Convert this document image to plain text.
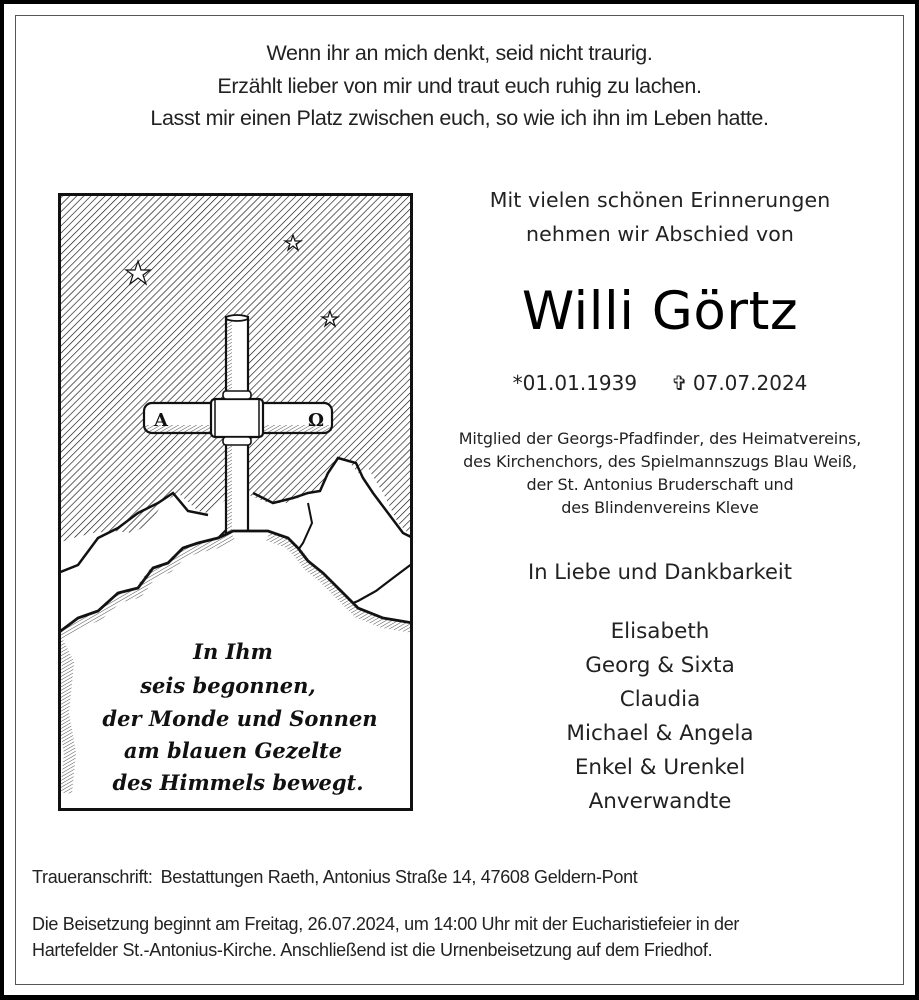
Wenn ihr an mich denkt, seid nicht traurig.
Erzählt lieber von mir und traut euch ruhig zu lachen.
Lasst mir einen Platz zwischen euch, so wie ich ihn im Leben hatte.
A	Ω
In Ihm
seis begonnen,
der Monde und Sonnen
am blauen Gezelte
des Himmels bewegt.
Mit vielen schönen Erinnerungen
nehmen wir Abschied von
Willi Görtz
*01.01.1939 ✞ 07.07.2024
Mitglied der Georgs-Pfadfinder, des Heimatvereins,
des Kirchenchors, des Spielmannszugs Blau Weiß,
der St. Antonius Bruderschaft und
des Blindenvereins Kleve
In Liebe und Dankbarkeit
Elisabeth
Georg & Sixta
Claudia
Michael & Angela
Enkel & Urenkel
Anverwandte
Traueranschrift: Bestattungen Raeth, Antonius Straße 14, 47608 Geldern-Pont
Die Beisetzung beginnt am Freitag, 26.07.2024, um 14:00 Uhr mit der Eucharistiefeier in der
Hartefelder St.-Antonius-Kirche. Anschließend ist die Urnenbeisetzung auf dem Friedhof.
